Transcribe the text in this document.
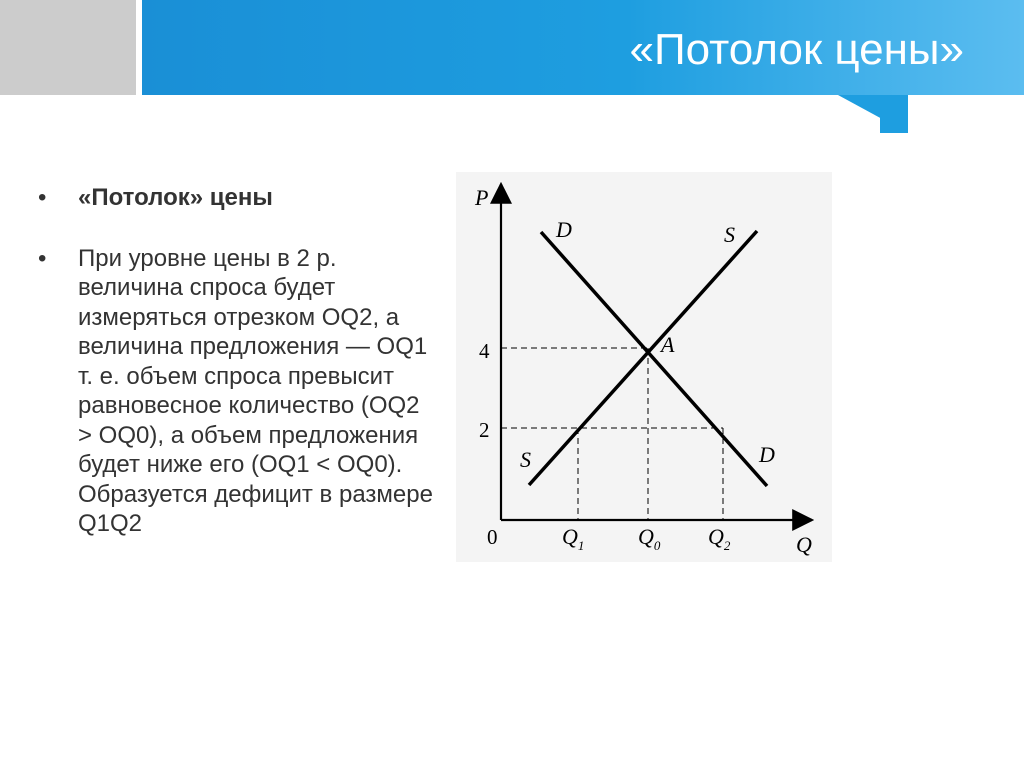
«Потолок цены»
• «Потолок» цены
• При уровне цены в 2 р. величина спроса будет измеряться отрезком OQ2, а величина предложения — OQ1 т. е. объем спроса превысит равновесное количество (OQ2 > OQ0), а объем предложения будет ниже его (OQ1 < OQ0). Образуется дефицит в размере Q1Q2
P
Q
0
4
2
D
D
S
S
A
$Q_1$ $Q_0$ $Q_2$
